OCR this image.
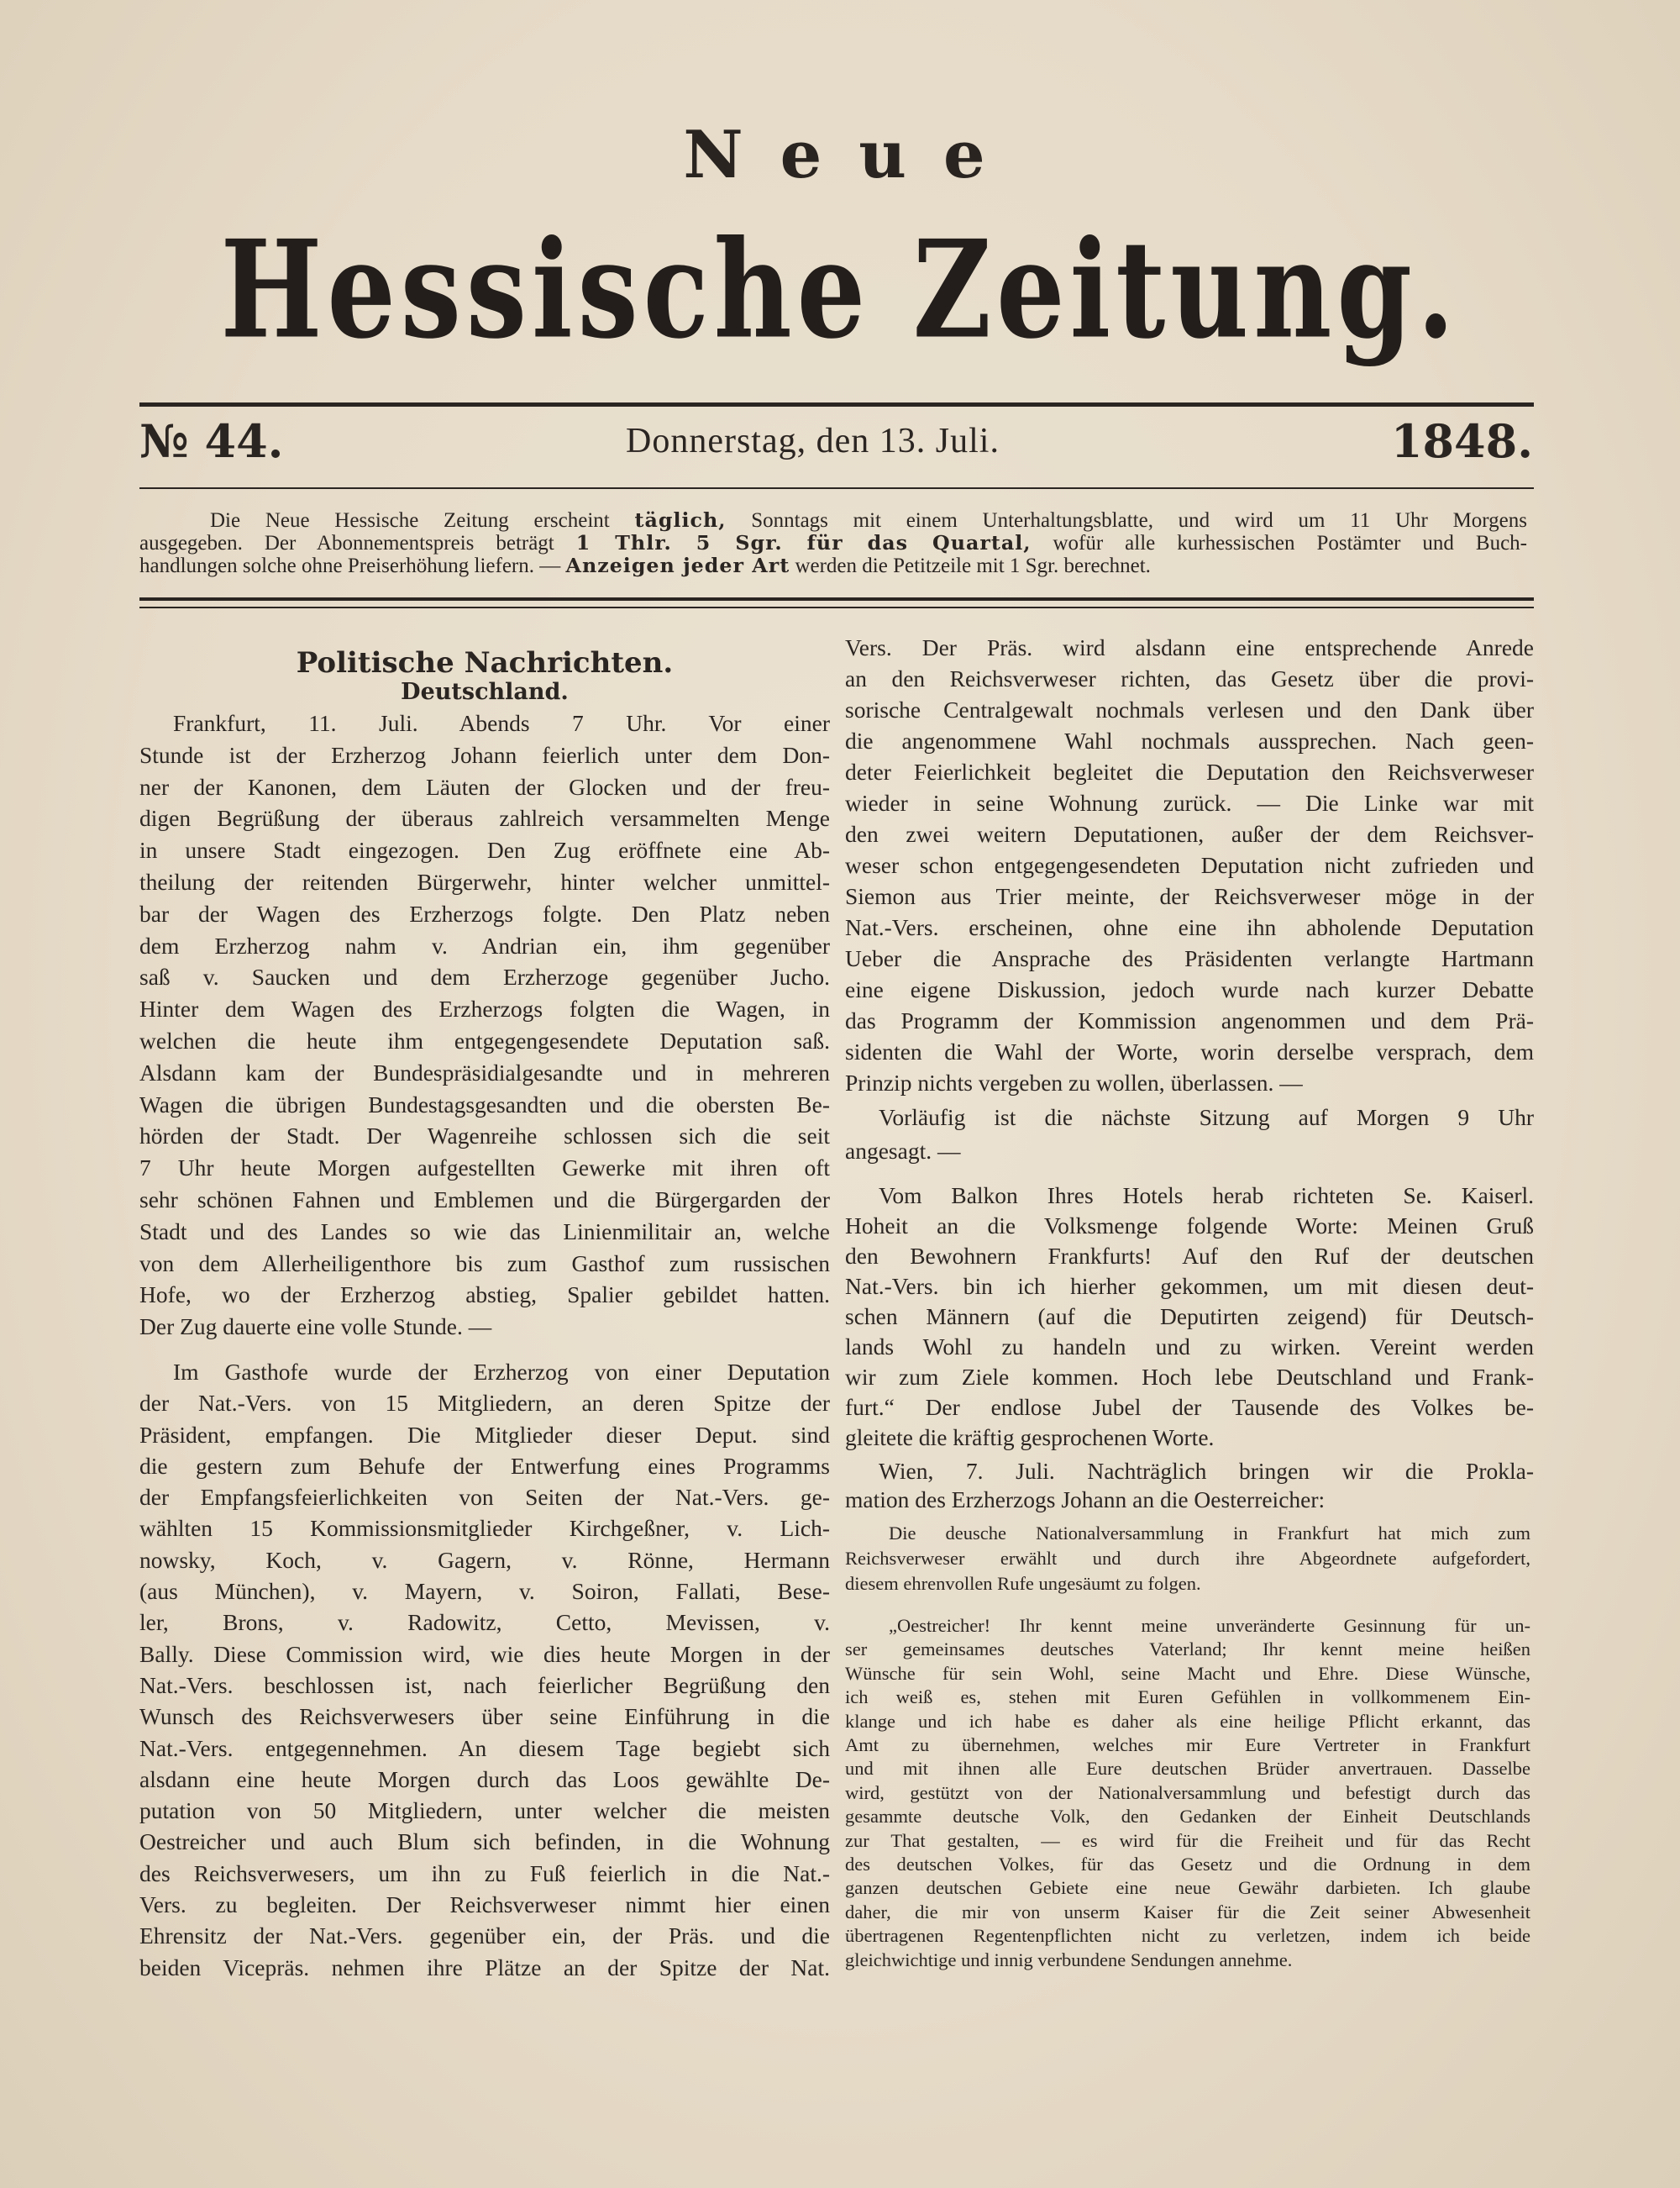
Neue
Hessische Zeitung.
№ 44.	Donnerstag, den 13. Juli.	1848.
Die Neue Hessische Zeitung erscheint täglich, Sonntags mit einem Unterhaltungsblatte, und wird um 11 Uhr Morgens
ausgegeben. Der Abonnementspreis beträgt 1 Thlr. 5 Sgr. für das Quartal, wofür alle kurhessischen Postämter und Buch-
handlungen solche ohne Preiserhöhung liefern. — Anzeigen jeder Art werden die Petitzeile mit 1 Sgr. berechnet.
Politische Nachrichten.
Deutschland.
Frankfurt, 11. Juli. Abends 7 Uhr. Vor einer
Stunde ist der Erzherzog Johann feierlich unter dem Don-
ner der Kanonen, dem Läuten der Glocken und der freu-
digen Begrüßung der überaus zahlreich versammelten Menge
in unsere Stadt eingezogen. Den Zug eröffnete eine Ab-
theilung der reitenden Bürgerwehr, hinter welcher unmittel-
bar der Wagen des Erzherzogs folgte. Den Platz neben
dem Erzherzog nahm v. Andrian ein, ihm gegenüber
saß v. Saucken und dem Erzherzoge gegenüber Jucho.
Hinter dem Wagen des Erzherzogs folgten die Wagen, in
welchen die heute ihm entgegengesendete Deputation saß.
Alsdann kam der Bundespräsidialgesandte und in mehreren
Wagen die übrigen Bundestagsgesandten und die obersten Be-
hörden der Stadt. Der Wagenreihe schlossen sich die seit
7 Uhr heute Morgen aufgestellten Gewerke mit ihren oft
sehr schönen Fahnen und Emblemen und die Bürgergarden der
Stadt und des Landes so wie das Linienmilitair an, welche
von dem Allerheiligenthore bis zum Gasthof zum russischen
Hofe, wo der Erzherzog abstieg, Spalier gebildet hatten.
Der Zug dauerte eine volle Stunde. —
Im Gasthofe wurde der Erzherzog von einer Deputation
der Nat.-Vers. von 15 Mitgliedern, an deren Spitze der
Präsident, empfangen. Die Mitglieder dieser Deput. sind
die gestern zum Behufe der Entwerfung eines Programms
der Empfangsfeierlichkeiten von Seiten der Nat.-Vers. ge-
wählten 15 Kommissionsmitglieder Kirchgeßner, v. Lich-
nowsky, Koch, v. Gagern, v. Rönne, Hermann
(aus München), v. Mayern, v. Soiron, Fallati, Bese-
ler, Brons, v. Radowitz, Cetto, Mevissen, v.
Bally. Diese Commission wird, wie dies heute Morgen in der
Nat.-Vers. beschlossen ist, nach feierlicher Begrüßung den
Wunsch des Reichsverwesers über seine Einführung in die
Nat.-Vers. entgegennehmen. An diesem Tage begiebt sich
alsdann eine heute Morgen durch das Loos gewählte De-
putation von 50 Mitgliedern, unter welcher die meisten
Oestreicher und auch Blum sich befinden, in die Wohnung
des Reichsverwesers, um ihn zu Fuß feierlich in die Nat.-
Vers. zu begleiten. Der Reichsverweser nimmt hier einen
Ehrensitz der Nat.-Vers. gegenüber ein, der Präs. und die
beiden Vicepräs. nehmen ihre Plätze an der Spitze der Nat.
Vers. Der Präs. wird alsdann eine entsprechende Anrede
an den Reichsverweser richten, das Gesetz über die provi-
sorische Centralgewalt nochmals verlesen und den Dank über
die angenommene Wahl nochmals aussprechen. Nach geen-
deter Feierlichkeit begleitet die Deputation den Reichsverweser
wieder in seine Wohnung zurück. — Die Linke war mit
den zwei weitern Deputationen, außer der dem Reichsver-
weser schon entgegengesendeten Deputation nicht zufrieden und
Siemon aus Trier meinte, der Reichsverweser möge in der
Nat.-Vers. erscheinen, ohne eine ihn abholende Deputation
Ueber die Ansprache des Präsidenten verlangte Hartmann
eine eigene Diskussion, jedoch wurde nach kurzer Debatte
das Programm der Kommission angenommen und dem Prä-
sidenten die Wahl der Worte, worin derselbe versprach, dem
Prinzip nichts vergeben zu wollen, überlassen. —
Vorläufig ist die nächste Sitzung auf Morgen 9 Uhr
angesagt. —
Vom Balkon Ihres Hotels herab richteten Se. Kaiserl.
Hoheit an die Volksmenge folgende Worte: Meinen Gruß
den Bewohnern Frankfurts! Auf den Ruf der deutschen
Nat.-Vers. bin ich hierher gekommen, um mit diesen deut-
schen Männern (auf die Deputirten zeigend) für Deutsch-
lands Wohl zu handeln und zu wirken. Vereint werden
wir zum Ziele kommen. Hoch lebe Deutschland und Frank-
furt.“ Der endlose Jubel der Tausende des Volkes be-
gleitete die kräftig gesprochenen Worte.
Wien, 7. Juli. Nachträglich bringen wir die Prokla-
mation des Erzherzogs Johann an die Oesterreicher:
Die deusche Nationalversammlung in Frankfurt hat mich zum
Reichsverweser erwählt und durch ihre Abgeordnete aufgefordert,
diesem ehrenvollen Rufe ungesäumt zu folgen.
„Oestreicher! Ihr kennt meine unveränderte Gesinnung für un-
ser gemeinsames deutsches Vaterland; Ihr kennt meine heißen
Wünsche für sein Wohl, seine Macht und Ehre. Diese Wünsche,
ich weiß es, stehen mit Euren Gefühlen in vollkommenem Ein-
klange und ich habe es daher als eine heilige Pflicht erkannt, das
Amt zu übernehmen, welches mir Eure Vertreter in Frankfurt
und mit ihnen alle Eure deutschen Brüder anvertrauen. Dasselbe
wird, gestützt von der Nationalversammlung und befestigt durch das
gesammte deutsche Volk, den Gedanken der Einheit Deutschlands
zur That gestalten, — es wird für die Freiheit und für das Recht
des deutschen Volkes, für das Gesetz und die Ordnung in dem
ganzen deutschen Gebiete eine neue Gewähr darbieten. Ich glaube
daher, die mir von unserm Kaiser für die Zeit seiner Abwesenheit
übertragenen Regentenpflichten nicht zu verletzen, indem ich beide
gleichwichtige und innig verbundene Sendungen annehme.
